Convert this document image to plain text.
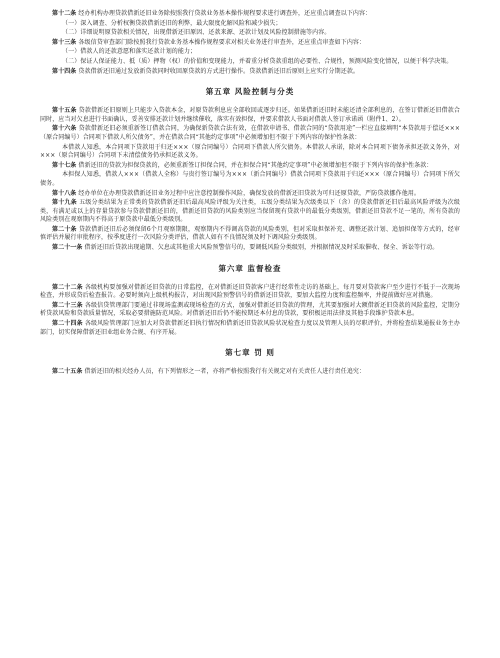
第十二条 经办机构办理贷款借新还旧业务除按照我行贷款业务基本操作规程要求进行调查外，还应重点调查以下内容：
（一）深入调查、分析权衡贷款借新还旧的利弊，最大限度化解风险和减少损失；
（二）详细说明原贷款相关情况，出现借新还旧原因、还款来源、还款计划及风险控制措施等内容。
第十三条 各级信贷审查部门除按照我行贷款业务基本操作规程要求对相关业务进行审查外，还应重点审查如下内容：
（一）借款人的还款意愿和落实还款计划的能力；
（二）保证人保证能力、抵（质）押物（权）的价值和变现能力，并着重分析贷款重组的必要性、合规性，预测风险变化情况，以便于科学决策。
第十四条 贷款借新还旧通过发放新贷款同时收回原贷款的方式进行操作。贷款借新还旧后原则上应实行分期还款。
第五章 风险控制与分类
第十五条 贷款借新还旧原则上只能步入贷款本金，对原贷款利息应全部收回或逐步归还。如果借新还旧时未能还清全部利息的，在签订借新还旧借款合同时，应当对欠息进行书面确认，妥善安排还款计划并继续催收，落实有效担保，并要求借款人书面对借款人签订承诺函（附件1、2）。
第十六条 贷款借新还旧必须重新签订借款合同，为确保新贷款合法有效，在借款申请书、借款合同的“贷款用途”一栏应直接填明“本贷款用于偿还×××（原合同编号）合同项下借款人所欠债务”，并在借款合同“其他约定事项”中必须增加但不限于下列内容的保护性条款：
本借款人知悉，本合同项下贷款用于归还×××（原合同编号）合同项下借款人所欠债务。本借款人承诺，除对本合同项下债务承担还款义务外，对×××（原合同编号）合同项下未清偿债务仍承担还款义务。
第十七条 借新还旧的贷款为担保贷款的，必须重新签订担保合同，并在担保合同“其他约定事项”中必须增加但不限于下列内容的保护性条款：
本担保人知悉，借款人×××（借款人全称）与贵行签订编号为×××（新合同编号）借款合同项下贷款用于归还×××（原合同编号）合同项下所欠债务。
第十八条 经办单位在办理贷款借新还旧业务过程中应注意控制操作风险，确保发放的借新还旧贷款为可归还原贷款，严防贷款挪作他用。
第十九条 五级分类结果为正常类的贷款借新还旧后最高风险评级为关注类，五级分类结果为次级类以下（含）的贷款借新还旧后最高风险评级为次级类，有满足或以上的存量贷款参与贷款借新还旧的，借新还旧贷款的风险类别应当保留现有贷款中的最低分类级别，借新还旧贷款不足一笔的，所有贷款的风险类别在观察期内不得高于原贷款中最低分类级别。
第二十条 贷款借新还旧后必须保留6个月观察期限，观察期内不得调高贷款的风险类别，但对采取担保补充、调整还款计划、追加担保等方式的，经审慎评估并履行审批程序，按季度进行一次风险分类评估，借款人如有不良情况须及时下调风险分类级别。
第二十一条 借新还旧后贷款出现逾期、欠息或其他重大风险预警信号的，要调低风险分类级别，并根据情况及时采取催收、保全、诉讼等行动。
第六章 监督检查
第二十二条 各级机构要加强对借新还旧贷款的日常监控，在对借新还旧贷款客户进行经常性走访的基础上，每月要对贷款客户至少进行不低于一次现场检查，并形成贷后检查报告。必要时须向上级机构报告，对出现风险预警信号的借新还旧贷款，要加大监控力度和监控频率，并提前做好应对措施。
第二十三条 各级信贷管理部门要通过非现场监测或现场检查的方式，加强对借新还旧贷款的管理，尤其要加强对大额借新还旧贷款的风险监控，定期分析贷款风险和贷款质量情况，采取必要措施防范风险。对借新还旧后仍不能按期还本付息的贷款，要积极运用法律及其他手段维护贷款本息。
第二十四条 各级风险管理部门应加大对贷款借新还旧执行情况和借新还旧贷款风险状况检查力度以及管理人员的尽职评价，并将检查结果通报业务主办部门，切实保障借新还旧业组业务合规、有序开展。
第七章 罚 则
第二十五条 借新还旧的相关经办人员，有下列情形之一者，亦将严格按照我行有关规定对有关责任人进行责任追究：
